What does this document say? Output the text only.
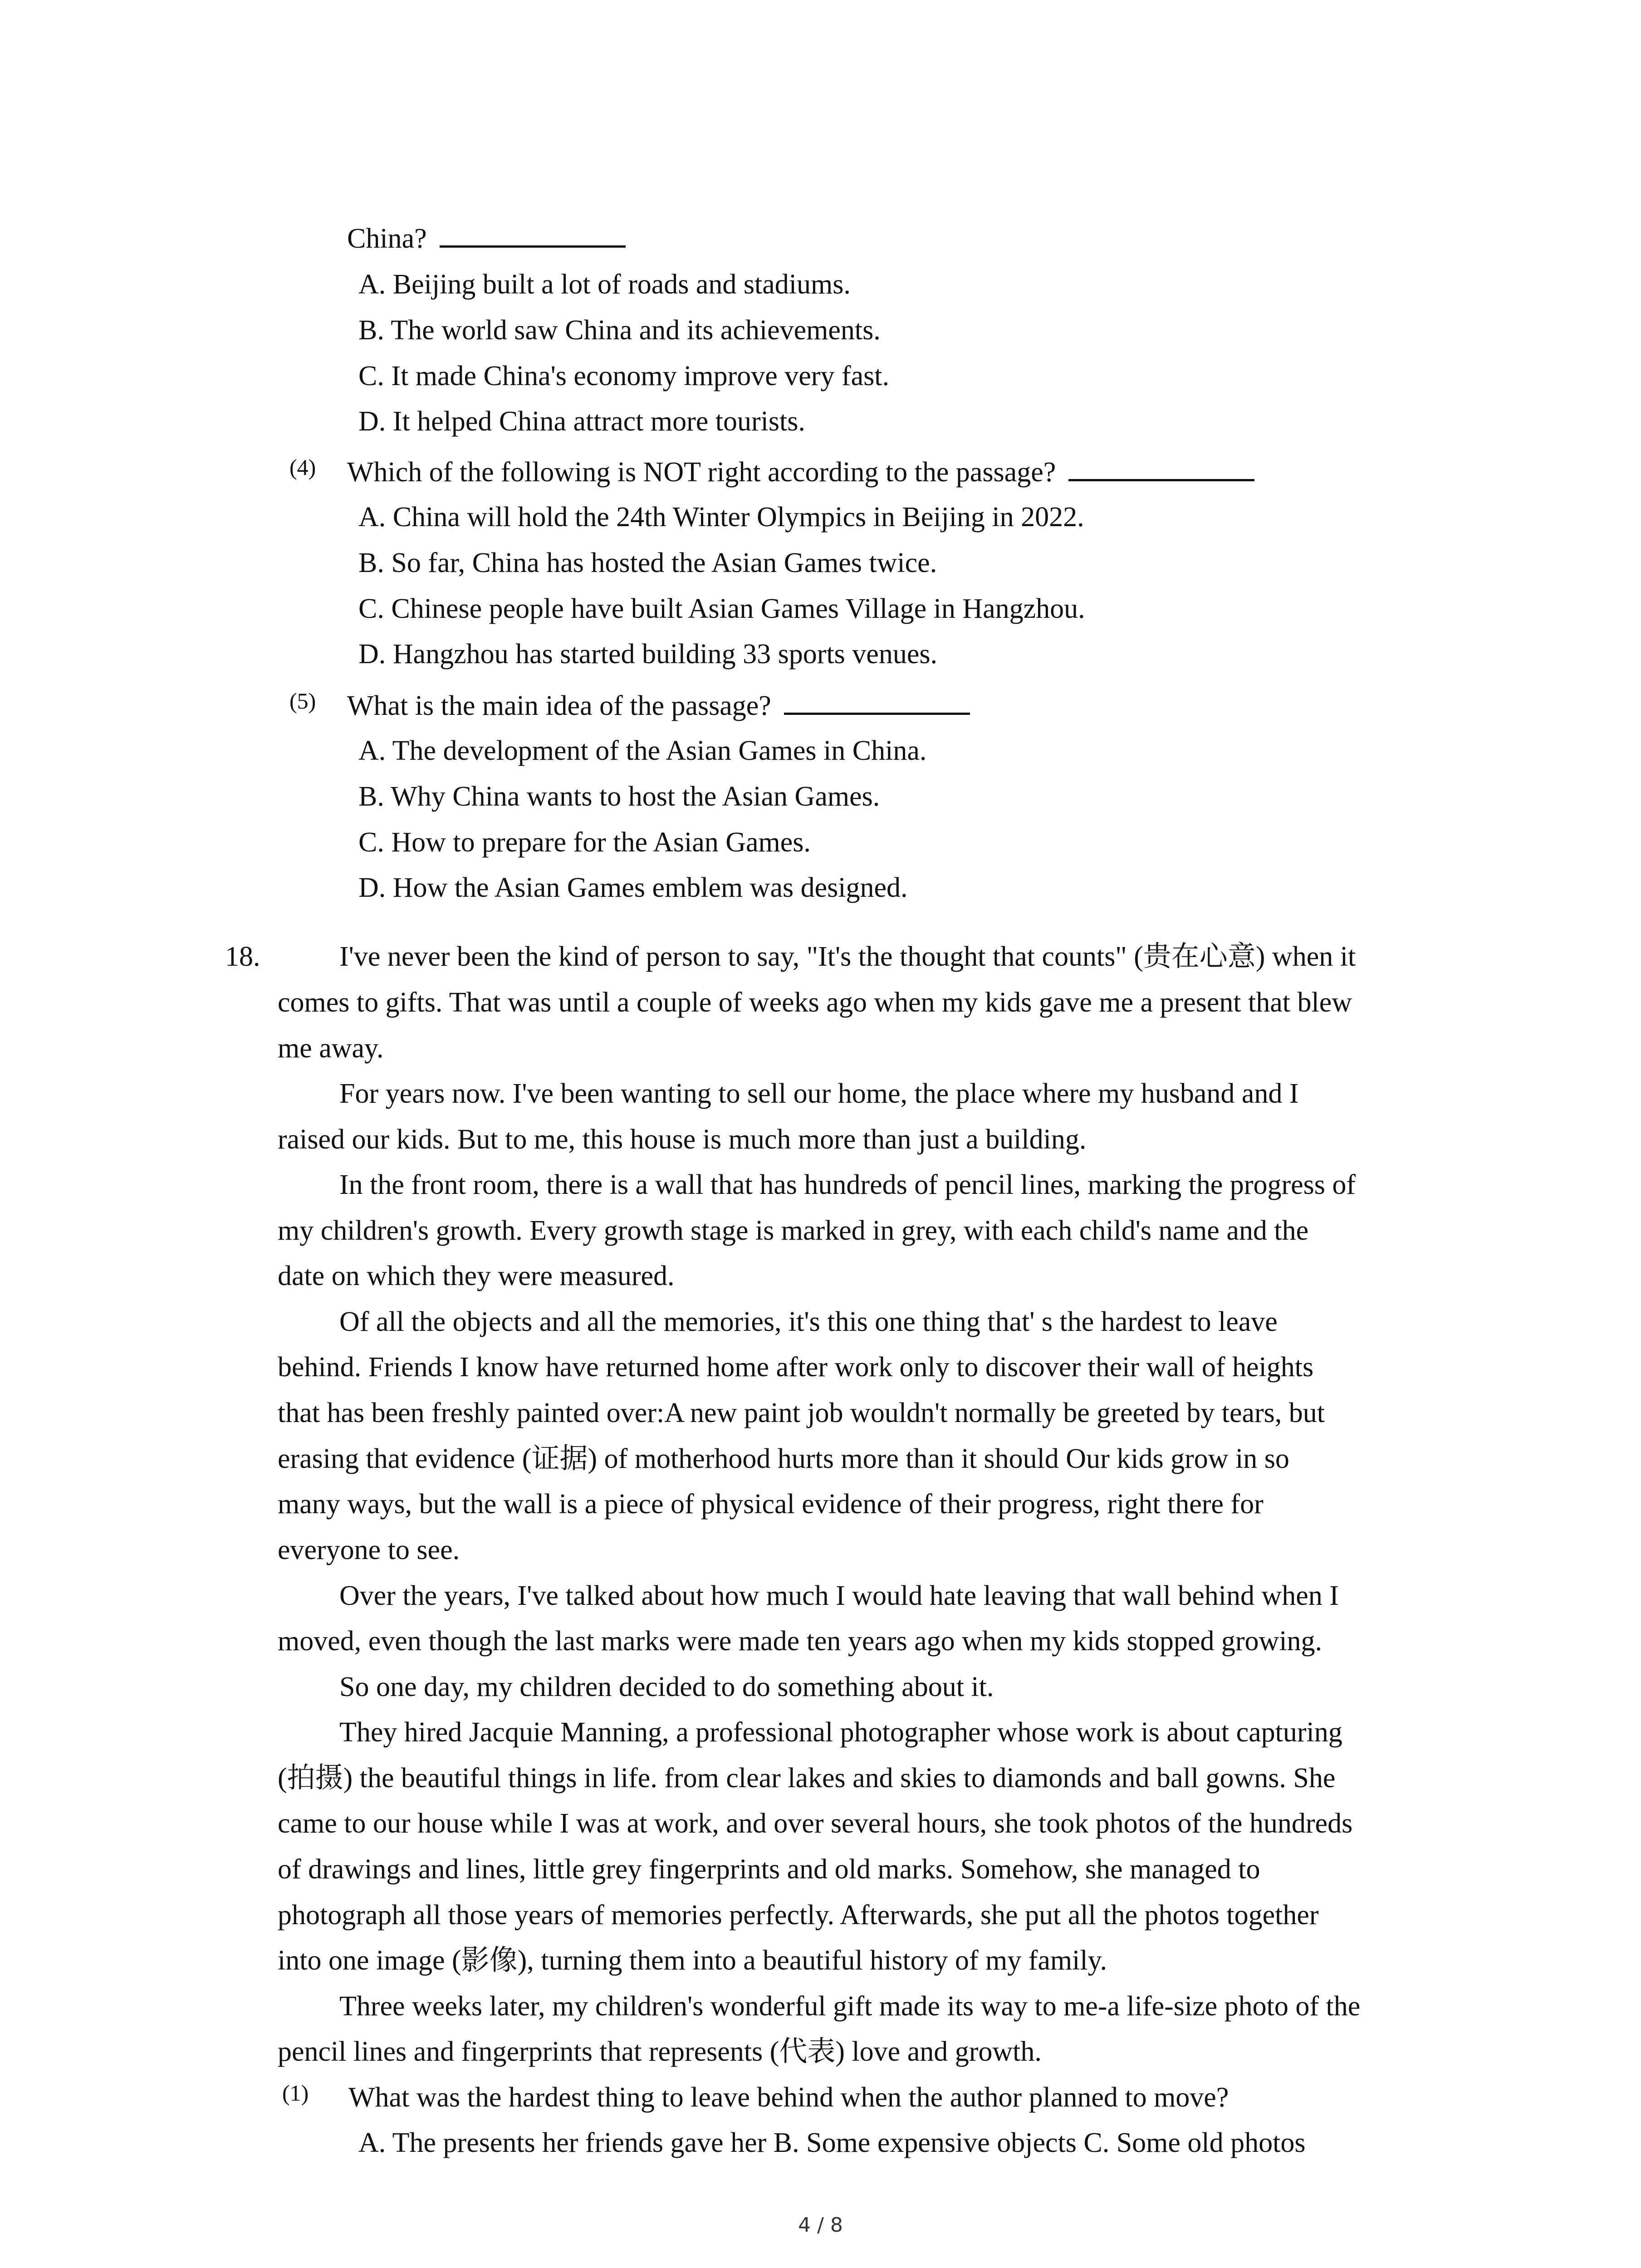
China?
A. Beijing built a lot of roads and stadiums.
B. The world saw China and its achievements.
C. It made China's economy improve very fast.
D. It helped China attract more tourists.
(4) Which of the following is NOT right according to the passage?
A. China will hold the 24th Winter Olympics in Beijing in 2022.
B. So far, China has hosted the Asian Games twice.
C. Chinese people have built Asian Games Village in Hangzhou.
D. Hangzhou has started building 33 sports venues.
(5) What is the main idea of the passage?
A. The development of the Asian Games in China.
B. Why China wants to host the Asian Games.
C. How to prepare for the Asian Games.
D. How the Asian Games emblem was designed.
18.	I've never been the kind of person to say, "It's the thought that counts" (贵在心意) when it
comes to gifts. That was until a couple of weeks ago when my kids gave me a present that blew
me away.
For years now. I've been wanting to sell our home, the place where my husband and I
raised our kids. But to me, this house is much more than just a building.
In the front room, there is a wall that has hundreds of pencil lines, marking the progress of
my children's growth. Every growth stage is marked in grey, with each child's name and the
date on which they were measured.
Of all the objects and all the memories, it's this one thing that' s the hardest to leave
behind. Friends I know have returned home after work only to discover their wall of heights
that has been freshly painted over:A new paint job wouldn't normally be greeted by tears, but
erasing that evidence (证据) of motherhood hurts more than it should Our kids grow in so
many ways, but the wall is a piece of physical evidence of their progress, right there for
everyone to see.
Over the years, I've talked about how much I would hate leaving that wall behind when I
moved, even though the last marks were made ten years ago when my kids stopped growing.
So one day, my children decided to do something about it.
They hired Jacquie Manning, a professional photographer whose work is about capturing
(拍摄) the beautiful things in life. from clear lakes and skies to diamonds and ball gowns. She
came to our house while I was at work, and over several hours, she took photos of the hundreds
of drawings and lines, little grey fingerprints and old marks. Somehow, she managed to
photograph all those years of memories perfectly. Afterwards, she put all the photos together
into one image (影像), turning them into a beautiful history of my family.
Three weeks later, my children's wonderful gift made its way to me-a life-size photo of the
pencil lines and fingerprints that represents (代表) love and growth.
(1) What was the hardest thing to leave behind when the author planned to move?
A. The presents her friends gave her B. Some expensive objects C. Some old photos
4 / 8
